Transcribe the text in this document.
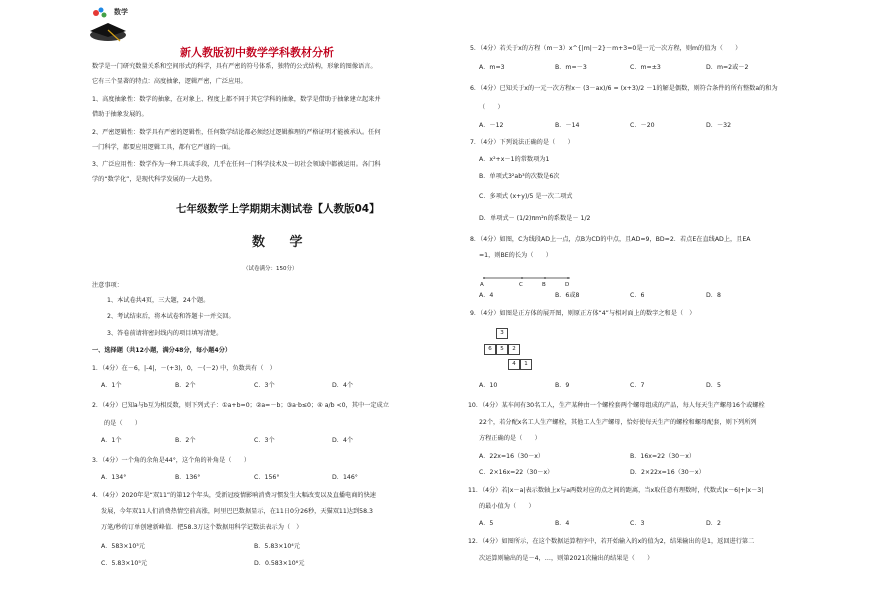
数学
新人教版初中数学学科教材分析
数学是一门研究数量关系和空间形式的科学，具有严密的符号体系，独特的公式结构，形象的图像语言。
它有三个显著的特点：高度抽象，逻辑严密，广泛应用。
1、高度抽象性：数学的抽象，在对象上、程度上都不同于其它学科的抽象，数学是借助于抽象建立起来并
借助于抽象发展的。
2、严密逻辑性：数学具有严密的逻辑性，任何数学结论都必须经过逻辑推理的严格证明才能被承认。任何
一门科学，都要应用逻辑工具，都有它严谨的一面。
3、广泛应用性：数学作为一种工具或手段，几乎在任何一门科学技术及一切社会领域中都被运用。各门科
学的“数学化”，是现代科学发展的一大趋势。
七年级数学上学期期末测试卷【人教版04】
数 学
（试卷满分：150分）
注意事项：
1、本试卷共4页，三大题，24个题。
2、考试结束后，将本试卷和答题卡一并交回。
3、答卷前请将密封线内的项目填写清楚。
一、选择题（共12小题，满分48分，每小题4分）
1．（4分）在－6，|-4|，－(+3)，0，－(－2) 中，负数共有（　）
A．1个	B．2个	C．3个	D．4个
2．（4分）已知a与b互为相反数，则下列式子：①a+b=0；②a=－b；③a·b≤0；④ a/b <0，其中一定成立
的是（　　）
A．1个	B．2个	C．3个	D．4个
3．（4分）一个角的余角是44°，这个角的补角是（　　）
A．134°	B．136°	C．156°	D．146°
4．（4分）2020年是“双11”的第12个年头，受新冠疫情影响消费习惯发生大幅改变以及直播电商的快速
发展，今年双11人们消费热情空前高涨，阿里巴巴数据显示，在11日0分26秒，天猫双11达到58.3
万笔/秒的订单创建新峰值．把58.3万这个数据用科学记数法表示为（　）
A．583×10³元	B．5.83×10⁴元
C．5.83×10⁵元	D．0.583×10⁶元
5．（4分）若关于x的方程（m－3）x^{|m|－2}－m+3=0是一元一次方程，则m的值为（　　）
A．m=3	B．m=－3	C．m=±3	D．m=2或－2
6．（4分）已知关于x的一元一次方程x－ (3－ax)/6 = (x+3)/2 －1的解是偶数，则符合条件的所有整数a的和为
（　　）
A．－12	B．－14	C．－20	D．－32
7．（4分）下列说法正确的是（　　）
A．x²+x－1的常数项为1
B．单项式3²ab³的次数是6次
C．多项式 (x+y)/5 是一次二项式
D．单项式－ (1/2)πm²n的系数是－ 1/2
8．（4分）如图，C为线段AD上一点，点B为CD的中点，且AD=9，BD=2．若点E在直线AD上，且EA
=1，则BE的长为（　　）
A	C	B	D
A．4	B．6或8	C．6	D．8
9．（4分）如图是正方体的展开图，则原正方体“4”与相对面上的数字之和是（　）
3
6	5	2
4	1
A．10	B．9	C．7	D．5
10．（4分）某车间有30名工人，生产某种由一个螺栓套两个螺母组成的产品，每人每天生产螺母16个或螺栓
22个，若分配x名工人生产螺栓，其他工人生产螺母，恰好使每天生产的螺栓和螺母配套，则下列所列
方程正确的是（　　）
A．22x=16（30－x）	B．16x=22（30－x）
C．2×16x=22（30－x）	D．2×22x=16（30－x）
11．（4分）若|x－a|表示数轴上x与a两数对应的点之间的距离，当x取任意有理数时，代数式|x－6|+|x－3|
的最小值为（　　）
A．5	B．4	C．3	D．2
12．（4分）如图所示，在这个数据运算程序中，若开始输入的x的值为2，结果输出的是1，返回进行第二
次运算则输出的是－4，…，则第2021次输出的结果是（　　）
